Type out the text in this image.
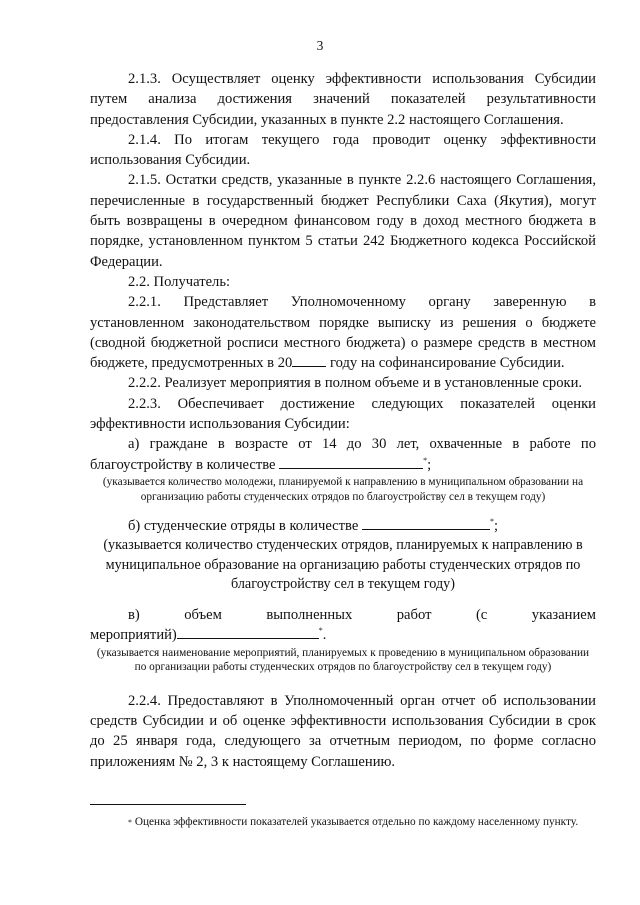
3

2.1.3. Осуществляет оценку эффективности использования Субсидии путем анализа достижения значений показателей результативности предоставления Субсидии, указанных в пункте 2.2 настоящего Соглашения.

2.1.4. По итогам текущего года проводит оценку эффективности использования Субсидии.

2.1.5. Остатки средств, указанные в пункте 2.2.6 настоящего Соглашения, перечисленные в государственный бюджет Республики Саха (Якутия), могут быть возвращены в очередном финансовом году в доход местного бюджета в порядке, установленном пунктом 5 статьи 242 Бюджетного кодекса Российской Федерации.

2.2. Получатель:

2.2.1. Представляет Уполномоченному органу заверенную в установленном законодательством порядке выписку из решения о бюджете (сводной бюджетной росписи местного бюджета) о размере средств в местном бюджете, предусмотренных в 20 году на софинансирование Субсидии.

2.2.2. Реализует мероприятия в полном объеме и в установленные сроки.

2.2.3. Обеспечивает достижение следующих показателей оценки эффективности использования Субсидии:

а) граждане в возрасте от 14 до 30 лет, охваченные в работе по благоустройству в количестве	*;

(указывается количество молодежи, планируемой к направлению в муниципальном образовании на организацию работы студенческих отрядов по благоустройству сел в текущем году)

б) студенческие отряды в количестве	*;

(указывается количество студенческих отрядов, планируемых к направлению в муниципальное образование на организацию работы студенческих отрядов по благоустройству сел в текущем году)

в) объем выполненных работ (с указанием

мероприятий)	*.

(указывается наименование мероприятий, планируемых к проведению в муниципальном образовании по организации работы студенческих отрядов по благоустройству сел в текущем году)

2.2.4. Предоставляют в Уполномоченный орган отчет об использовании средств Субсидии и об оценке эффективности использования Субсидии в срок до 25 января года, следующего за отчетным периодом, по форме согласно приложениям № 2, 3 к настоящему Соглашению.

* Оценка эффективности показателей указывается отдельно по каждому населенному пункту.
